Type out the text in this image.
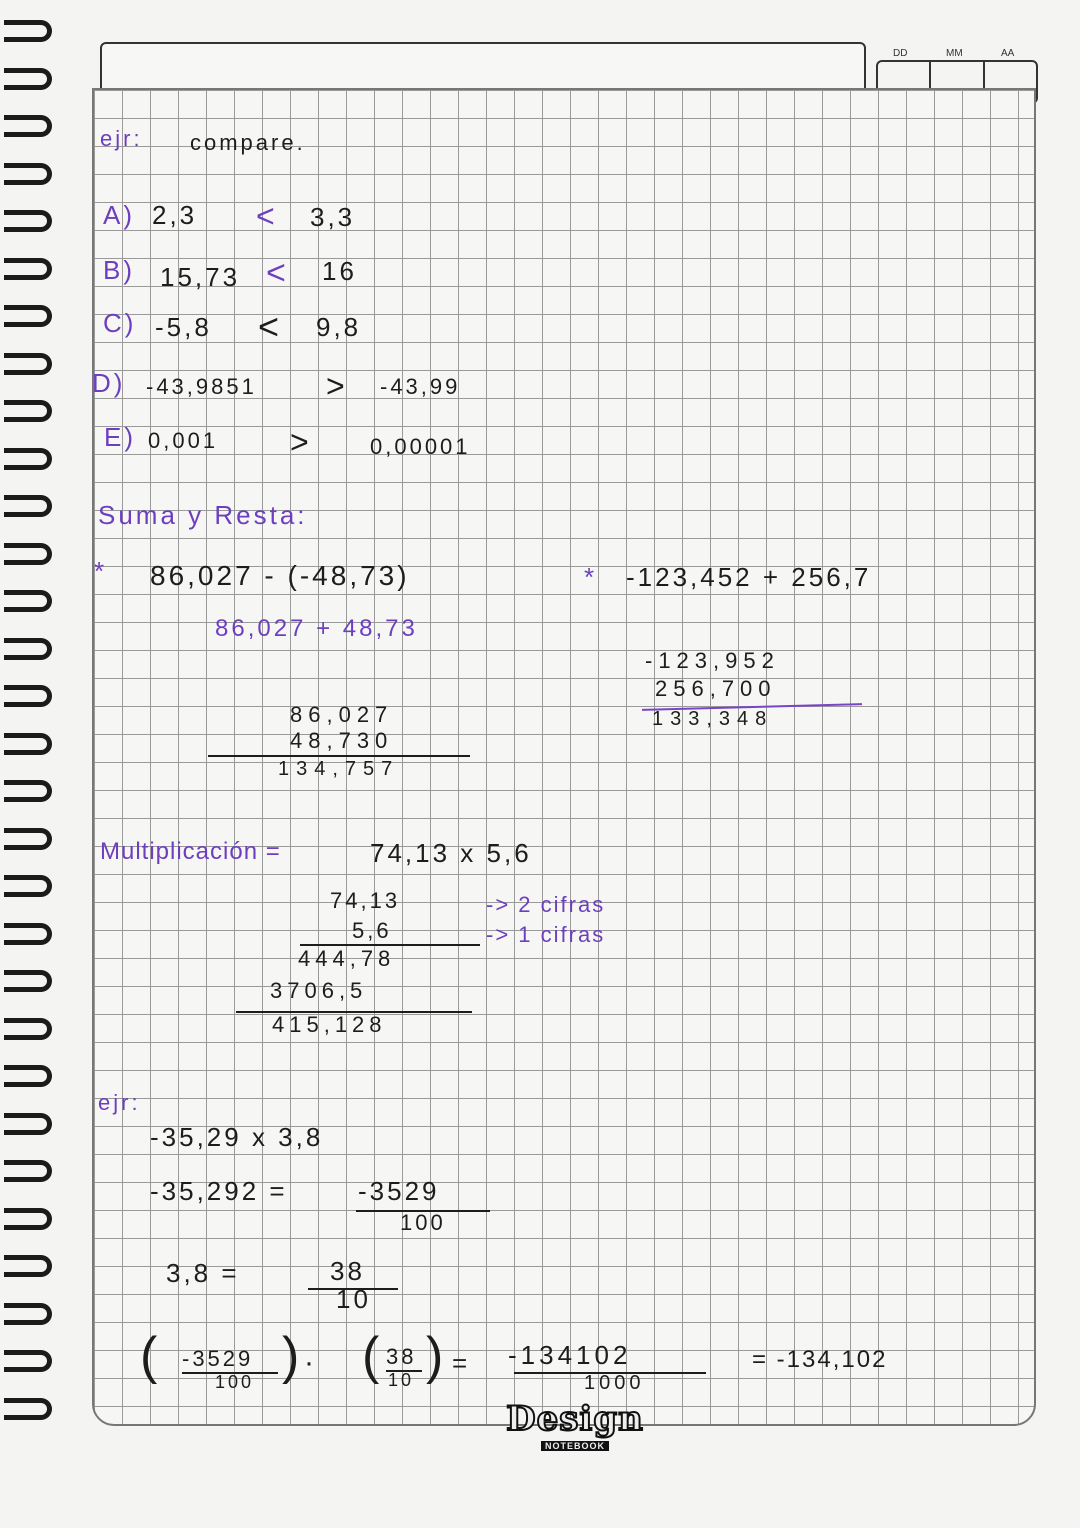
DD	MM	AA
ejr: compare.
A) 2,3 < 3,3
B) 15,73 < 16
C) -5,8 < 9,8
D) -43,9851 > -43,99
E) 0,001 >	0,00001
Suma y Resta:
* 86,027 - (-48,73)
86,027 + 48,73
86,027
48,730
134,757
* -123,452 + 256,7
-123,952
256,700
133,348
Multiplicación =	74,13 x 5,6
74,13
5,6
-> 2 cifras
-> 1 cifras
444,78
3706,5
415,128
ejr:
-35,29 x 3,8
-35,292 =	-3529
100
3,8 =	38
10
( -3529
100 ) · ( 38
10 ) = -134102
1000
= -134,102
Design
NOTEBOOK
